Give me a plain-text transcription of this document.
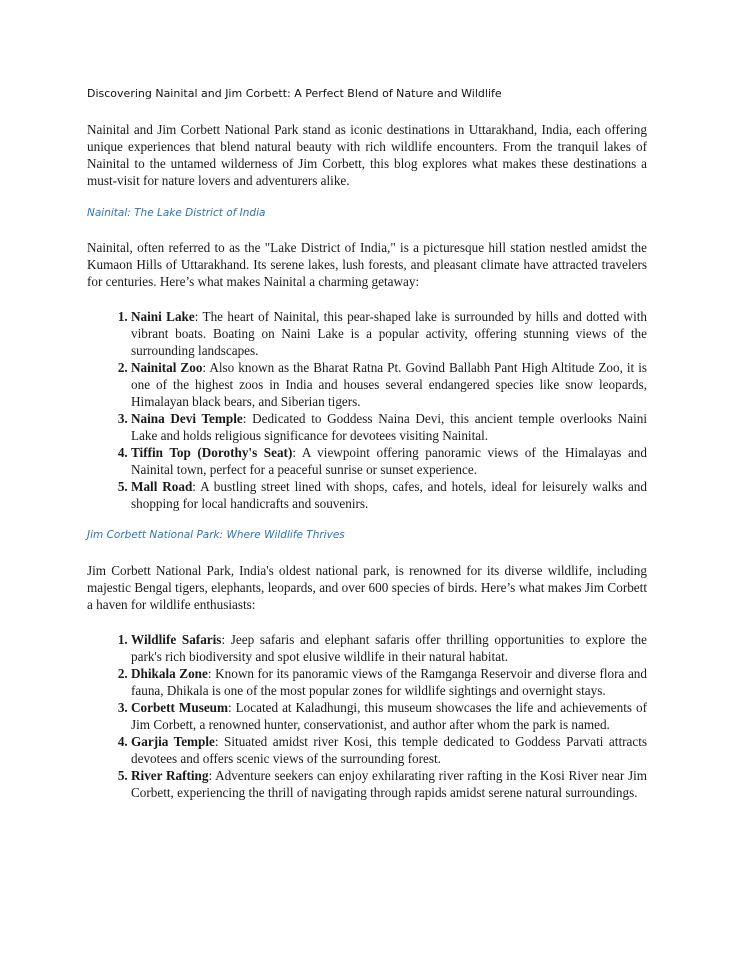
Discovering Nainital and Jim Corbett: A Perfect Blend of Nature and Wildlife

Nainital and Jim Corbett National Park stand as iconic destinations in Uttarakhand, India, each offering unique experiences that blend natural beauty with rich wildlife encounters. From the tranquil lakes of Nainital to the untamed wilderness of Jim Corbett, this blog explores what makes these destinations a must-visit for nature lovers and adventurers alike.

Nainital: The Lake District of India

Nainital, often referred to as the "Lake District of India," is a picturesque hill station nestled amidst the Kumaon Hills of Uttarakhand. Its serene lakes, lush forests, and pleasant climate have attracted travelers for centuries. Here’s what makes Nainital a charming getaway:

1. Naini Lake: The heart of Nainital, this pear-shaped lake is surrounded by hills and dotted with vibrant boats. Boating on Naini Lake is a popular activity, offering stunning views of the surrounding landscapes.
2. Nainital Zoo: Also known as the Bharat Ratna Pt. Govind Ballabh Pant High Altitude Zoo, it is one of the highest zoos in India and houses several endangered species like snow leopards, Himalayan black bears, and Siberian tigers.
3. Naina Devi Temple: Dedicated to Goddess Naina Devi, this ancient temple overlooks Naini Lake and holds religious significance for devotees visiting Nainital.
4. Tiffin Top (Dorothy's Seat): A viewpoint offering panoramic views of the Himalayas and Nainital town, perfect for a peaceful sunrise or sunset experience.
5. Mall Road: A bustling street lined with shops, cafes, and hotels, ideal for leisurely walks and shopping for local handicrafts and souvenirs.
Jim Corbett National Park: Where Wildlife Thrives

Jim Corbett National Park, India's oldest national park, is renowned for its diverse wildlife, including majestic Bengal tigers, elephants, leopards, and over 600 species of birds. Here’s what makes Jim Corbett a haven for wildlife enthusiasts:

1. Wildlife Safaris: Jeep safaris and elephant safaris offer thrilling opportunities to explore the park's rich biodiversity and spot elusive wildlife in their natural habitat.
2. Dhikala Zone: Known for its panoramic views of the Ramganga Reservoir and diverse flora and fauna, Dhikala is one of the most popular zones for wildlife sightings and overnight stays.
3. Corbett Museum: Located at Kaladhungi, this museum showcases the life and achievements of Jim Corbett, a renowned hunter, conservationist, and author after whom the park is named.
4. Garjia Temple: Situated amidst river Kosi, this temple dedicated to Goddess Parvati attracts devotees and offers scenic views of the surrounding forest.
5. River Rafting: Adventure seekers can enjoy exhilarating river rafting in the Kosi River near Jim Corbett, experiencing the thrill of navigating through rapids amidst serene natural surroundings.
